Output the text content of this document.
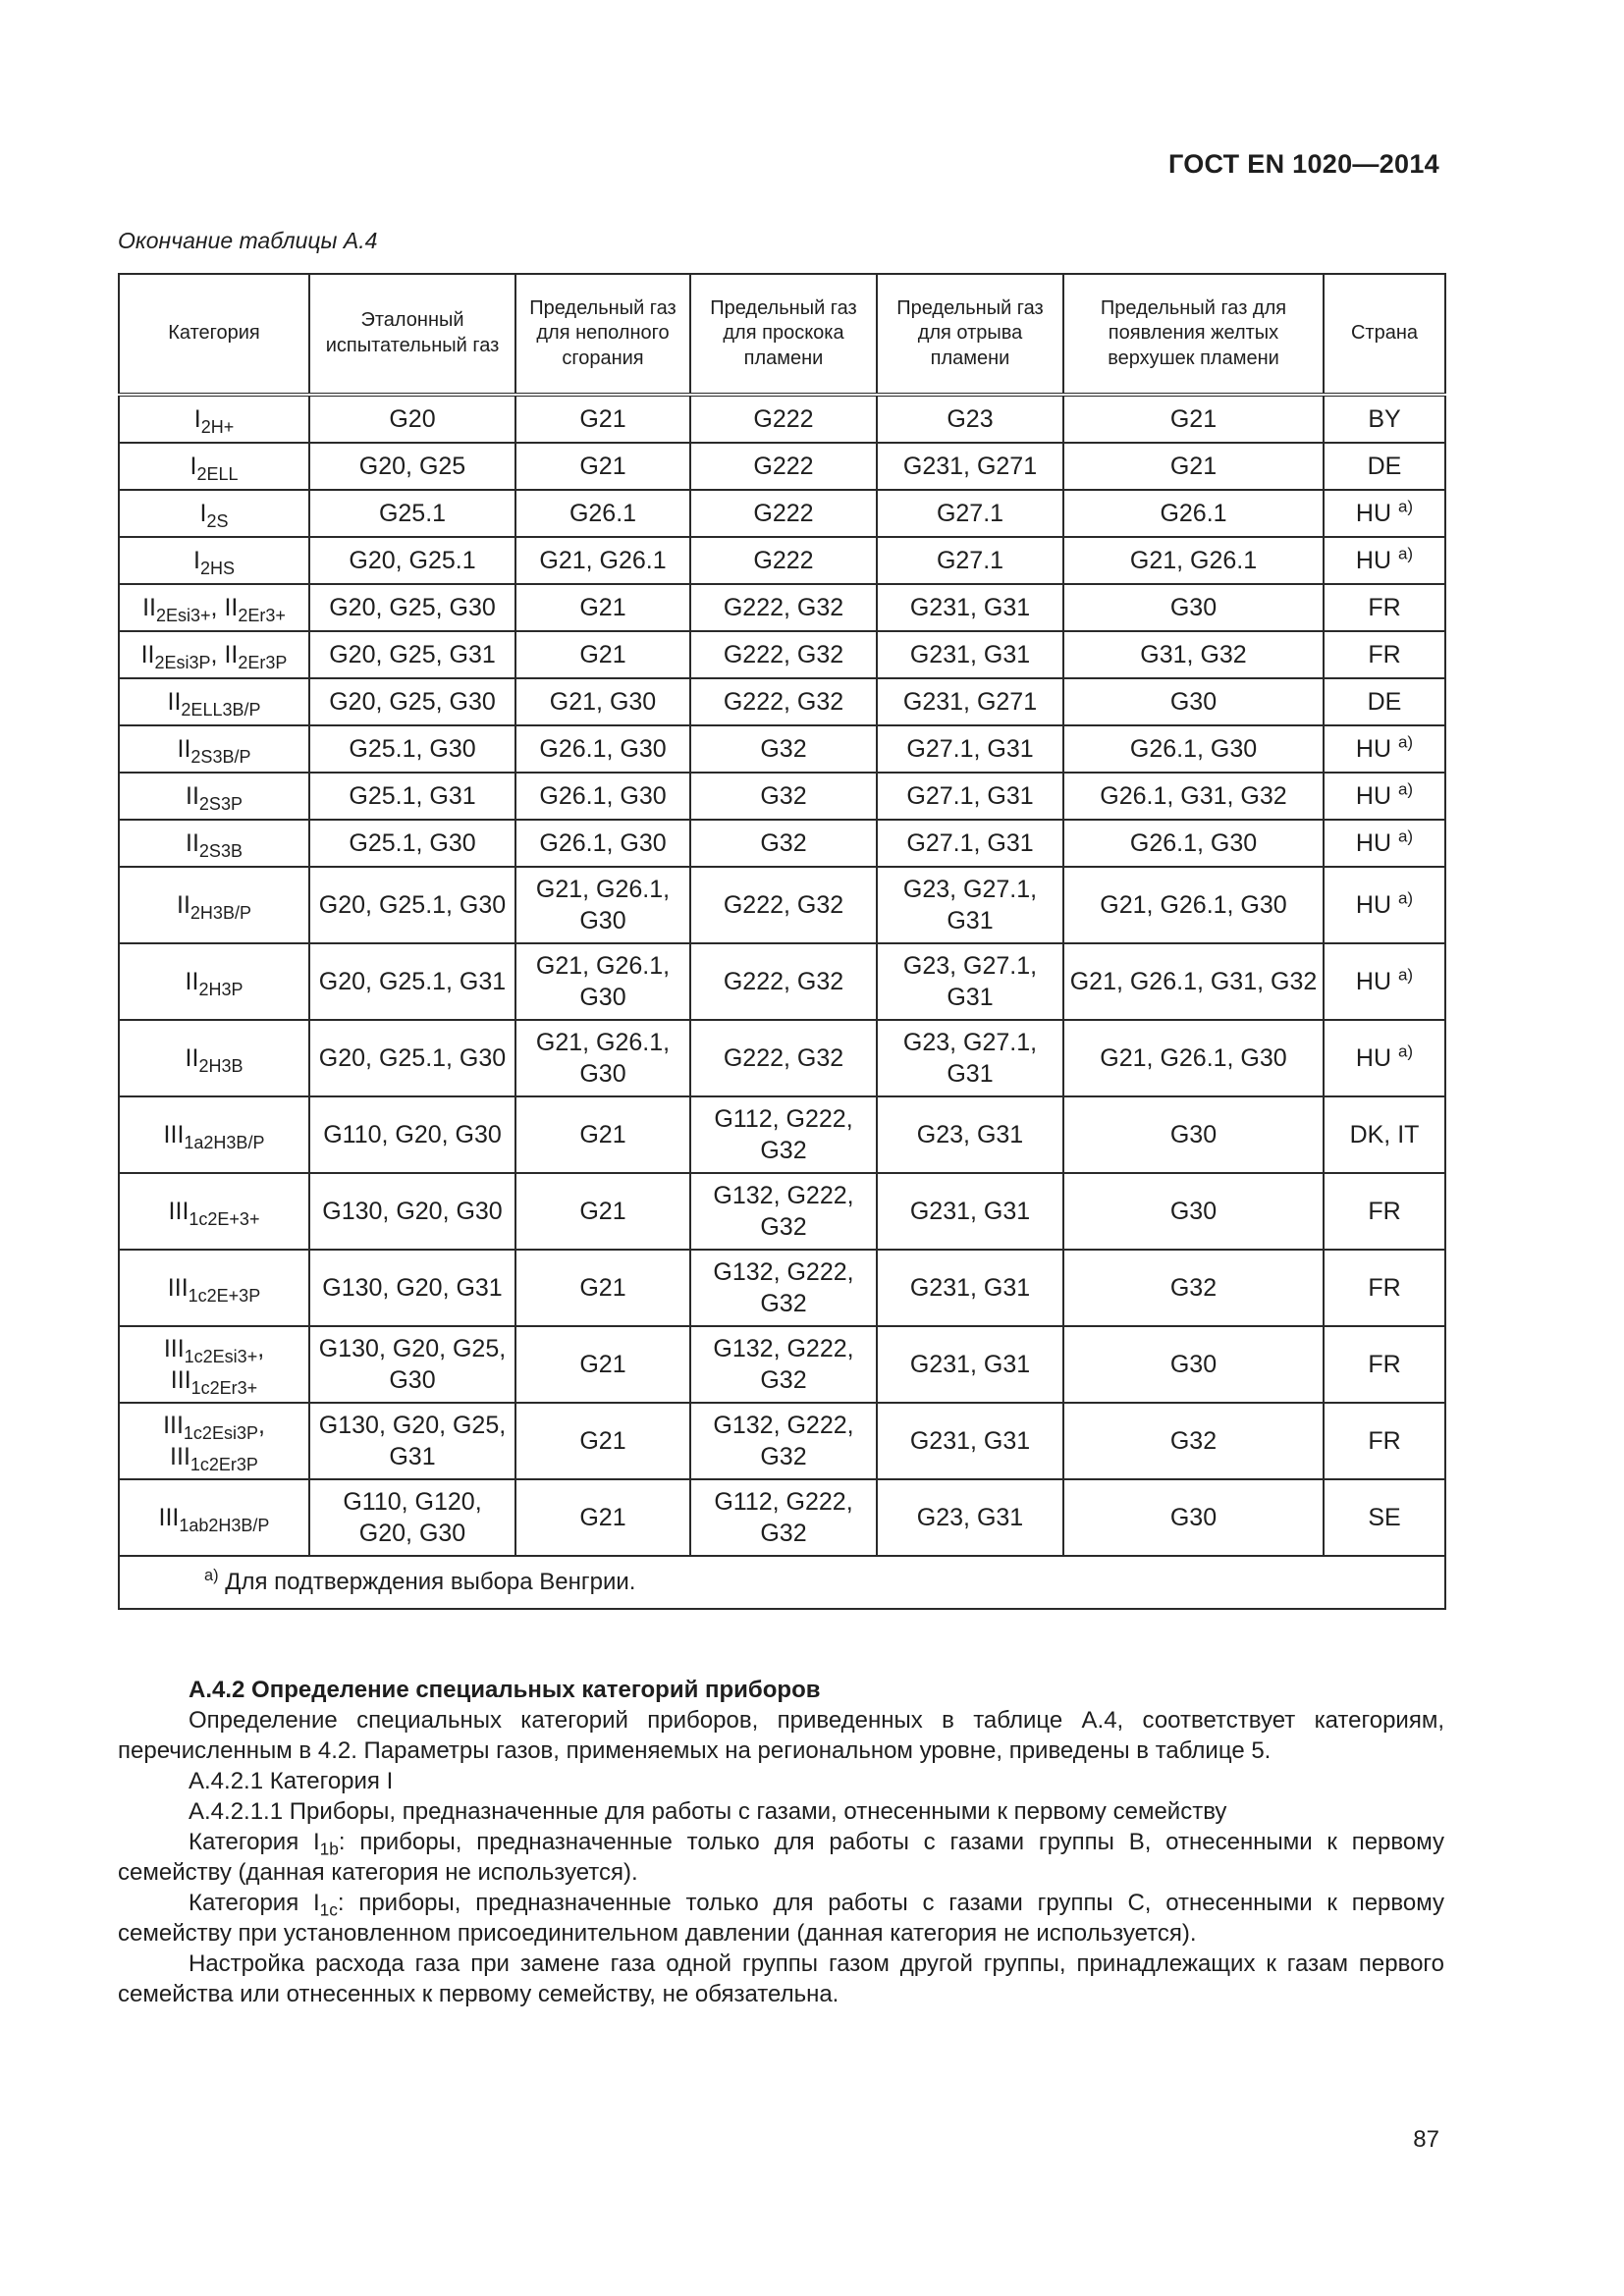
ГОСТ EN 1020—2014
Окончание таблицы А.4
Категория	Эталонный испытательный газ	Предельный газ для неполного сгорания	Предельный газ для проскока пламени	Предельный газ для отрыва пламени	Предельный газ для появления желтых верхушек пламени	Страна
$I_{2H+}$	G20	G21	G222	G23	G21	BY
$I_{2ELL}$	G20, G25	G21	G222	G231, G271	G21	DE
$I_{2S}$	G25.1	G26.1	G222	G27.1	G26.1	HU $^{а)}$
$I_{2HS}$	G20, G25.1	G21, G26.1	G222	G27.1	G21, G26.1	HU $^{а)}$
$II_{2Esi3+}$, $II_{2Er3+}$	G20, G25, G30	G21	G222, G32	G231, G31	G30	FR
$II_{2Esi3P}$, $II_{2Er3P}$	G20, G25, G31	G21	G222, G32	G231, G31	G31, G32	FR
$II_{2ELL3B/P}$	G20, G25, G30	G21, G30	G222, G32	G231, G271	G30	DE
$II_{2S3B/P}$	G25.1, G30	G26.1, G30	G32	G27.1, G31	G26.1, G30	HU $^{а)}$
$II_{2S3P}$	G25.1, G31	G26.1, G30	G32	G27.1, G31	G26.1, G31, G32	HU $^{а)}$
$II_{2S3B}$	G25.1, G30	G26.1, G30	G32	G27.1, G31	G26.1, G30	HU $^{а)}$
$II_{2H3B/P}$	G20, G25.1, G30	G21, G26.1, G30	G222, G32	G23, G27.1, G31	G21, G26.1, G30	HU $^{а)}$
$II_{2H3P}$	G20, G25.1, G31	G21, G26.1, G30	G222, G32	G23, G27.1, G31	G21, G26.1, G31, G32	HU $^{а)}$
$II_{2H3B}$	G20, G25.1, G30	G21, G26.1, G30	G222, G32	G23, G27.1, G31	G21, G26.1, G30	HU $^{а)}$
$III_{1a2H3B/P}$	G110, G20, G30	G21	G112, G222, G32	G23, G31	G30	DK, IT
$III_{1c2E+3+}$	G130, G20, G30	G21	G132, G222, G32	G231, G31	G30	FR
$III_{1c2E+3P}$	G130, G20, G31	G21	G132, G222, G32	G231, G31	G32	FR
$III_{1c2Esi3+}$,
$III_{1c2Er3+}$	G130, G20, G25, G30	G21	G132, G222, G32	G231, G31	G30	FR
$III_{1c2Esi3P}$,
$III_{1c2Er3P}$	G130, G20, G25, G31	G21	G132, G222, G32	G231, G31	G32	FR
$III_{1ab2H3B/P}$	G110, G120, G20, G30	G21	G112, G222, G32	G23, G31	G30	SE
$^{а)}$ Для подтверждения выбора Венгрии.						

А.4.2 Определение специальных категорий приборов

Определение специальных категорий приборов, приведенных в таблице А.4, соответствует категориям, перечисленным в 4.2. Параметры газов, применяемых на региональном уровне, приведены в таблице 5.

А.4.2.1 Категория I

А.4.2.1.1 Приборы, предназначенные для работы с газами, отнесенными к первому семейству

Категория $I_{1b}$: приборы, предназначенные только для работы с газами группы В, отнесенными к первому семейству (данная категория не используется).

Категория $I_{1c}$: приборы, предназначенные только для работы с газами группы С, отнесенными к первому семейству при установленном присоединительном давлении (данная категория не используется).

Настройка расхода газа при замене газа одной группы газом другой группы, принадлежащих к газам первого семейства или отнесенных к первому семейству, не обязательна.

87
